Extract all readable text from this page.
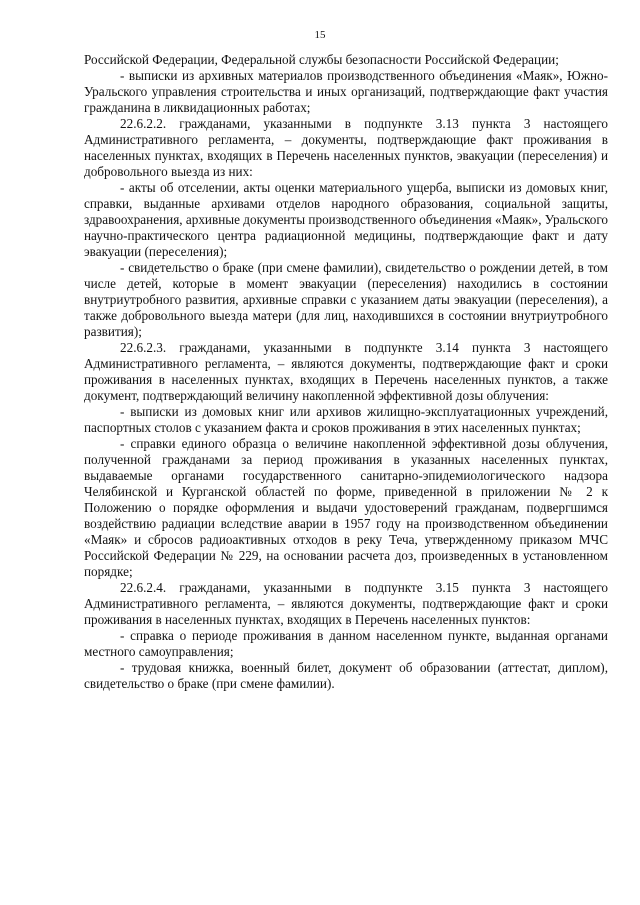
15

Российской Федерации, Федеральной службы безопасности Российской Федерации;

- выписки из архивных материалов производственного объединения «Маяк», Южно-Уральского управления строительства и иных организаций, подтверждающие факт участия гражданина в ликвидационных работах;

22.6.2.2. гражданами, указанными в подпункте 3.13 пункта 3 настоящего Административного регламента, – документы, подтверждающие факт проживания в населенных пунктах, входящих в Перечень населенных пунктов, эвакуации (переселения) и добровольного выезда из них:

- акты об отселении, акты оценки материального ущерба, выписки из домовых книг, справки, выданные архивами отделов народного образования, социальной защиты, здравоохранения, архивные документы производственного объединения «Маяк», Уральского научно-практического центра радиационной медицины, подтверждающие факт и дату эвакуации (переселения);

- свидетельство о браке (при смене фамилии), свидетельство о рождении детей, в том числе детей, которые в момент эвакуации (переселения) находились в состоянии внутриутробного развития, архивные справки с указанием даты эвакуации (переселения), а также добровольного выезда матери (для лиц, находившихся в состоянии внутриутробного развития);

22.6.2.3. гражданами, указанными в подпункте 3.14 пункта 3 настоящего Административного регламента, – являются документы, подтверждающие факт и сроки проживания в населенных пунктах, входящих в Перечень населенных пунктов, а также документ, подтверждающий величину накопленной эффективной дозы облучения:

- выписки из домовых книг или архивов жилищно-эксплуатационных учреждений, паспортных столов с указанием факта и сроков проживания в этих населенных пунктах;

- справки единого образца о величине накопленной эффективной дозы облучения, полученной гражданами за период проживания в указанных населенных пунктах, выдаваемые органами государственного санитарно-эпидемиологического надзора Челябинской и Курганской областей по форме, приведенной в приложении № 2 к Положению о порядке оформления и выдачи удостоверений гражданам, подвергшимся воздействию радиации вследствие аварии в 1957 году на производственном объединении «Маяк» и сбросов радиоактивных отходов в реку Теча, утвержденному приказом МЧС Российской Федерации № 229, на основании расчета доз, произведенных в установленном порядке;

22.6.2.4. гражданами, указанными в подпункте 3.15 пункта 3 настоящего Административного регламента, – являются документы, подтверждающие факт и сроки проживания в населенных пунктах, входящих в Перечень населенных пунктов:

- справка о периоде проживания в данном населенном пункте, выданная органами местного самоуправления;

- трудовая книжка, военный билет, документ об образовании (аттестат, диплом), свидетельство о браке (при смене фамилии).
